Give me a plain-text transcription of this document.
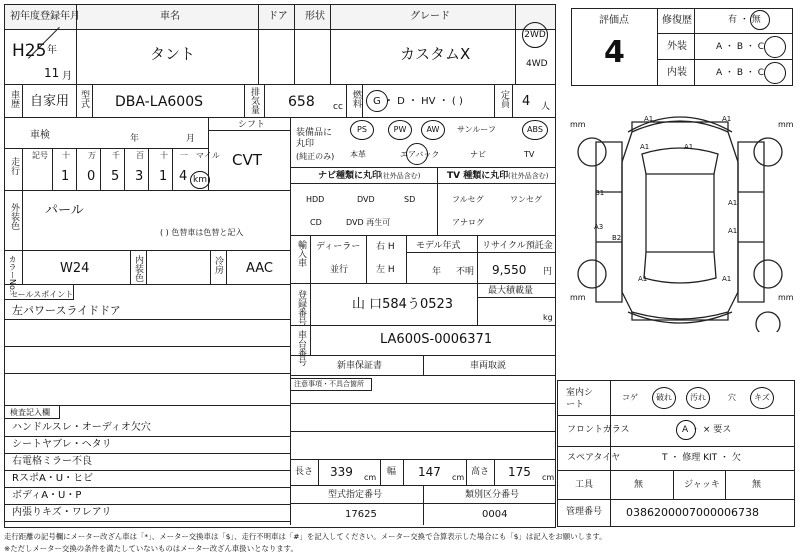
初年度登録年月	車名	ドア 形状	グレード
H25 年
11 月
タント	カスタムX
2WD
4WD
車歴 自家用 型式 DBA-LA600S	排気量 658 cc 燃料 G ・ D ・ HV ・ ( )	定員 4 人
車検	年	月
シフト
CVT
走行
記号 十 万 千 百 十 一 マイル
1 0 5 3 1 4 km
外装色 パール
( ) 色替車は色替と記入
カラーNo.	W24	内装色	冷房 AAC
セールスポイント
左パワースライドドア
検査記入欄
ハンドルスレ・オーディオ欠穴
シートヤブレ・ヘタリ
右電格ミラー不良
RスポA・U・ヒビ
ボディA・U・P
内張りキズ・ワレアリ
装備品に丸印
(純正のみ)
PS	PW	AW	サンルーフ	ABS
本革	エアバック	ナビ	TV
ナビ種類に丸印
(社外品含む)	TV 種類に丸印 (社外品含む)
HDD	DVD	SD
CD	DVD 再生可
フルセグ	ワンセグ
アナログ
輸入車 ディーラー
並行
右 H
左 H
モデル年式
年 不明
リサイクル預託金
9,550 円
登録番号	山 口584う0523
最大積載量
kg
車台番号	LA600S-0006371
新車保証書	車両取説
注意事項・不具合箇所
長さ 339 cm
幅 147 cm
高さ 175 cm
型式指定番号	類別区分番号
17625	0004
評価点
4
修復歴	有 ・ 無
外装	A ・ B ・ C
内装	A ・ B ・ C
mm	mm
mm	mm
A1	A1
A1	A1
B1
A3
B2
A1
A1
A1	A1
室内シート
コゲ	破れ	汚れ	穴	キズ
フロントガラス	A ・ × 要ス
スペアタイヤ	T ・ 修理 KIT ・ 欠
工具	無	ジャッキ	無
管理番号 0386200007000006738
走行距離の記号欄にメーター改ざん車は「*」、メーター交換車は「$」、走行不明車は「#」を記入してください。メーター交換で合算表示した場合にも「$」は記入をお願いします。
※ただしメーター交換の条件を満たしていないものはメーター改ざん車扱いとなります。
